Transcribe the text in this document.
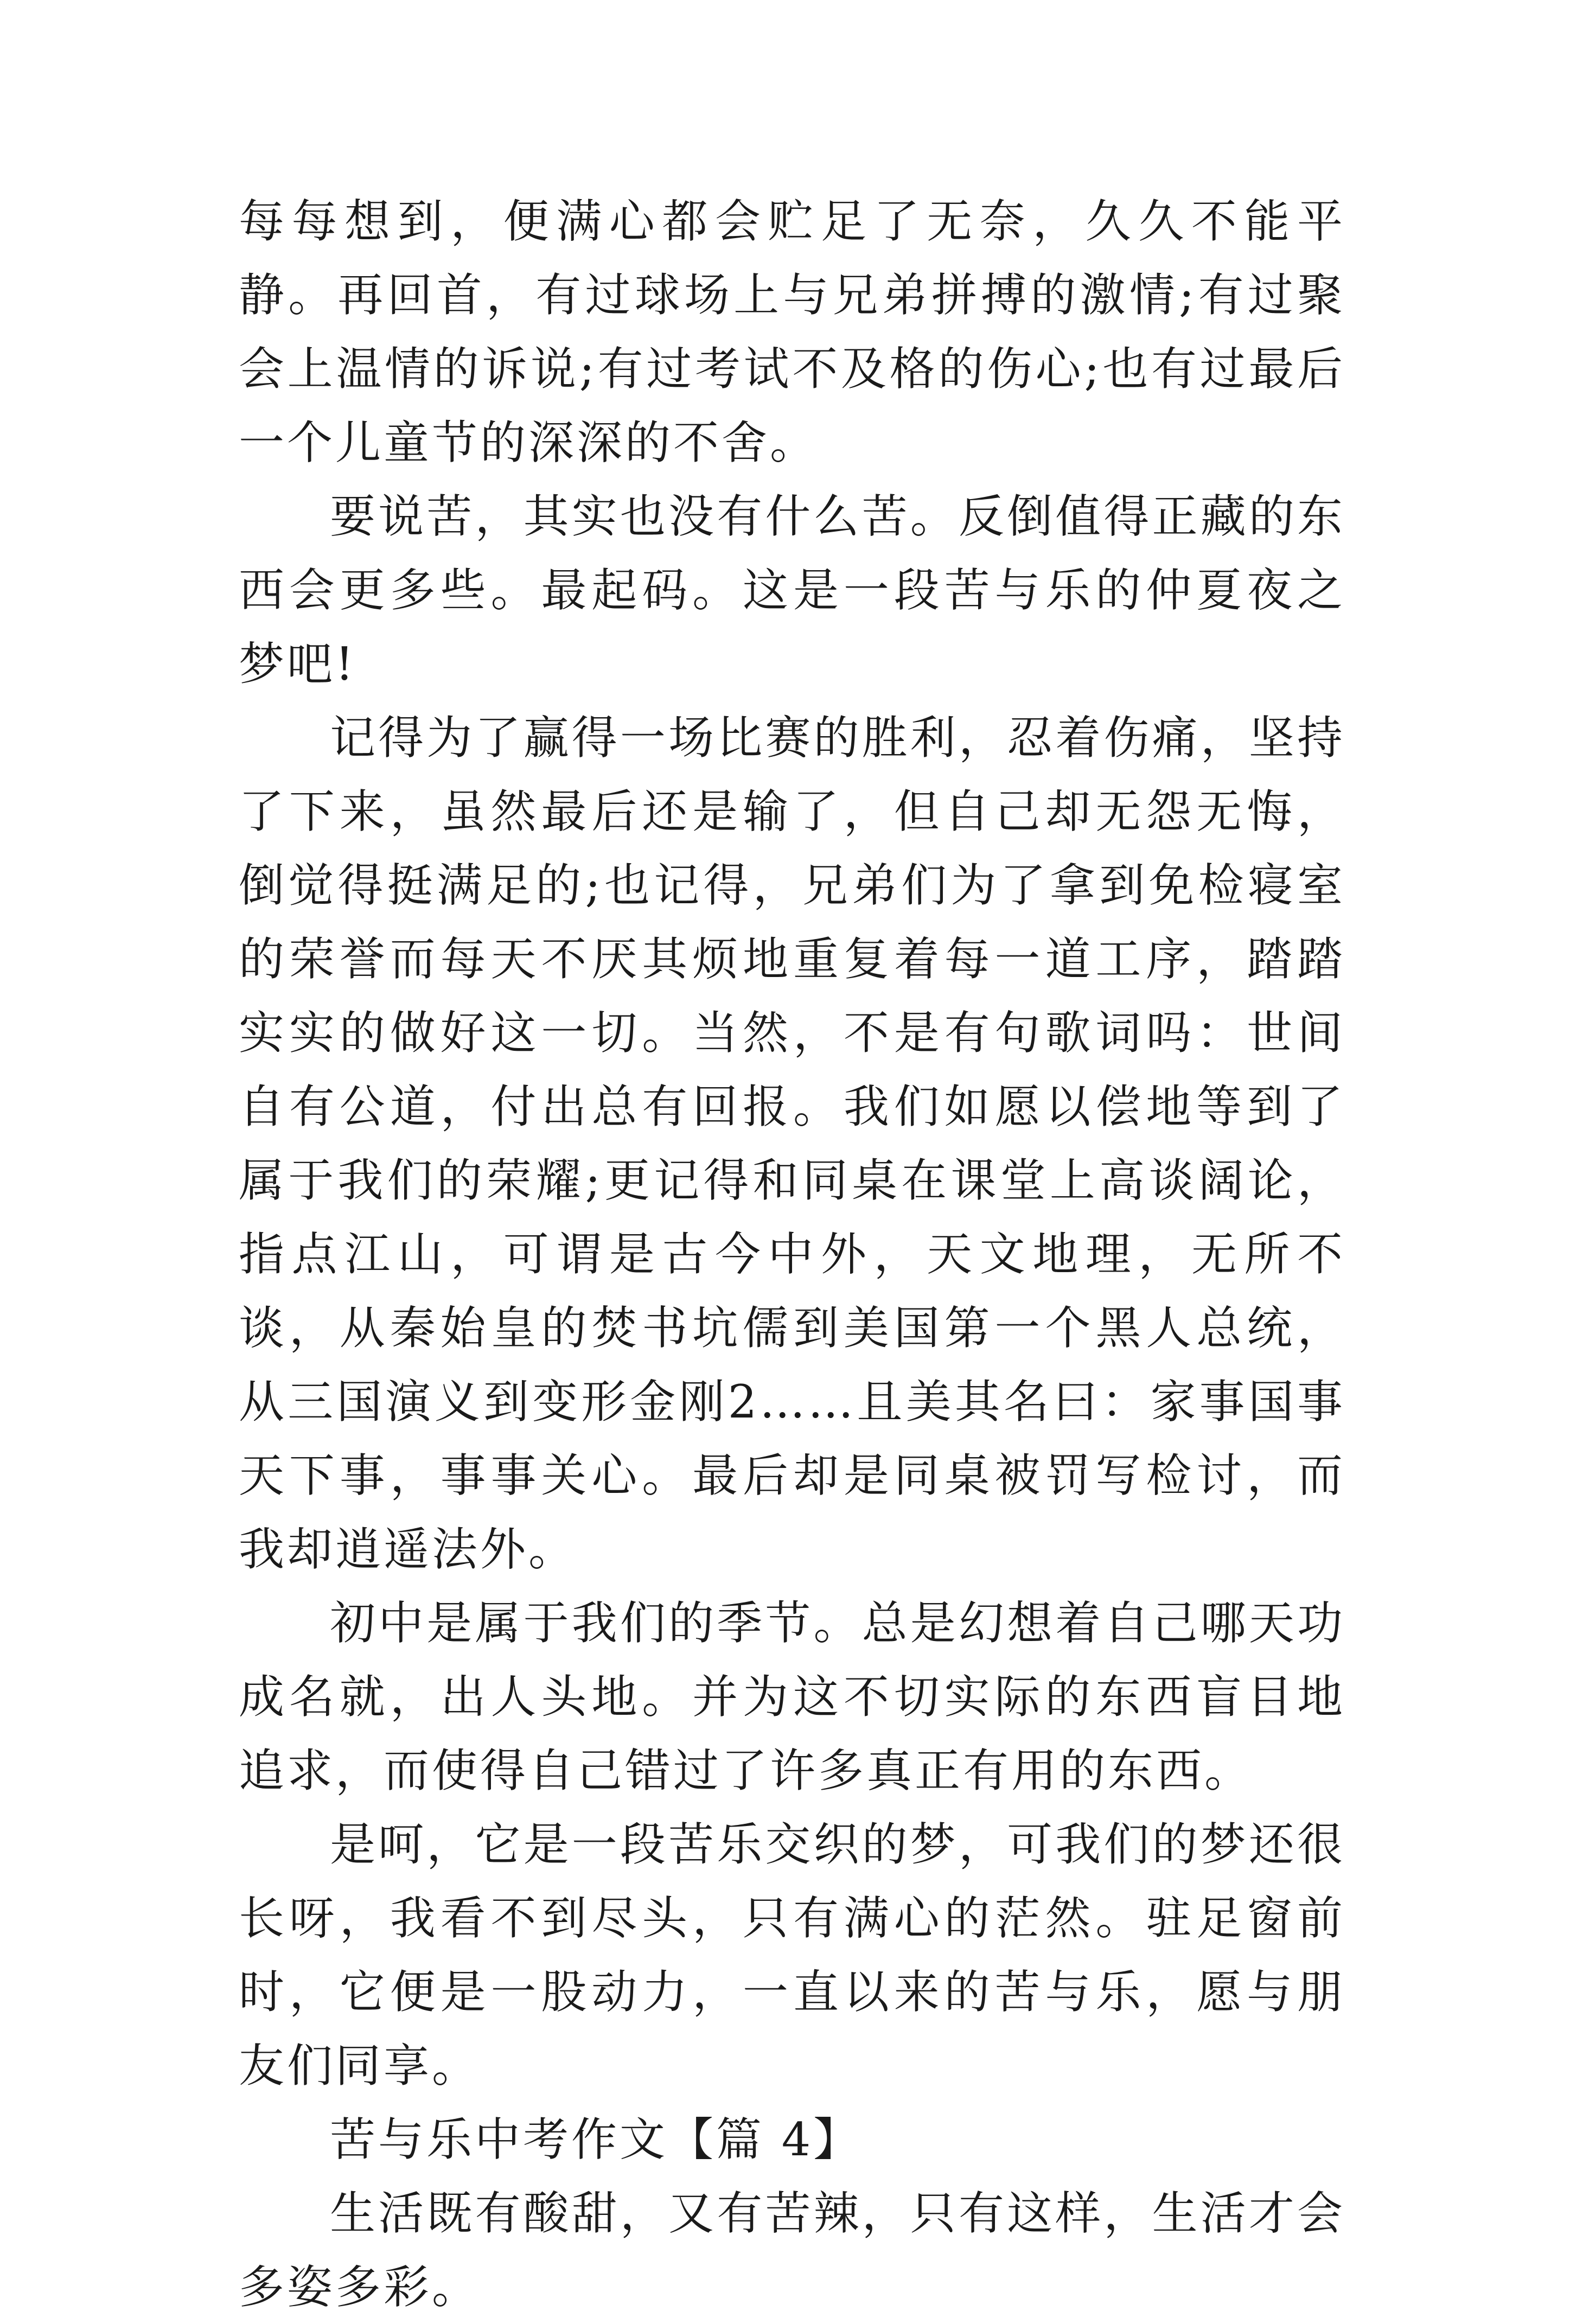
每每想到，便满心都会贮足了无奈，久久不能平静。再回首，有过球场上与兄弟拼搏的激情;有过聚会上温情的诉说;有过考试不及格的伤心;也有过最后一个儿童节的深深的不舍。

要说苦，其实也没有什么苦。反倒值得正藏的东西会更多些。最起码。这是一段苦与乐的仲夏夜之梦吧!

记得为了赢得一场比赛的胜利，忍着伤痛，坚持了下来，虽然最后还是输了，但自己却无怨无悔，倒觉得挺满足的;也记得，兄弟们为了拿到免检寝室的荣誉而每天不厌其烦地重复着每一道工序，踏踏实实的做好这一切。当然，不是有句歌词吗：世间自有公道，付出总有回报。我们如愿以偿地等到了属于我们的荣耀;更记得和同桌在课堂上高谈阔论，指点江山，可谓是古今中外，天文地理，无所不谈，从秦始皇的焚书坑儒到美国第一个黑人总统，从三国演义到变形金刚2……且美其名曰：家事国事天下事，事事关心。最后却是同桌被罚写检讨，而我却逍遥法外。

初中是属于我们的季节。总是幻想着自己哪天功成名就，出人头地。并为这不切实际的东西盲目地追求，而使得自己错过了许多真正有用的东西。

是呵，它是一段苦乐交织的梦，可我们的梦还很长呀，我看不到尽头，只有满心的茫然。驻足窗前时，它便是一股动力，一直以来的苦与乐，愿与朋友们同享。

苦与乐中考作文【篇 4】

生活既有酸甜，又有苦辣，只有这样，生活才会多姿多彩。
